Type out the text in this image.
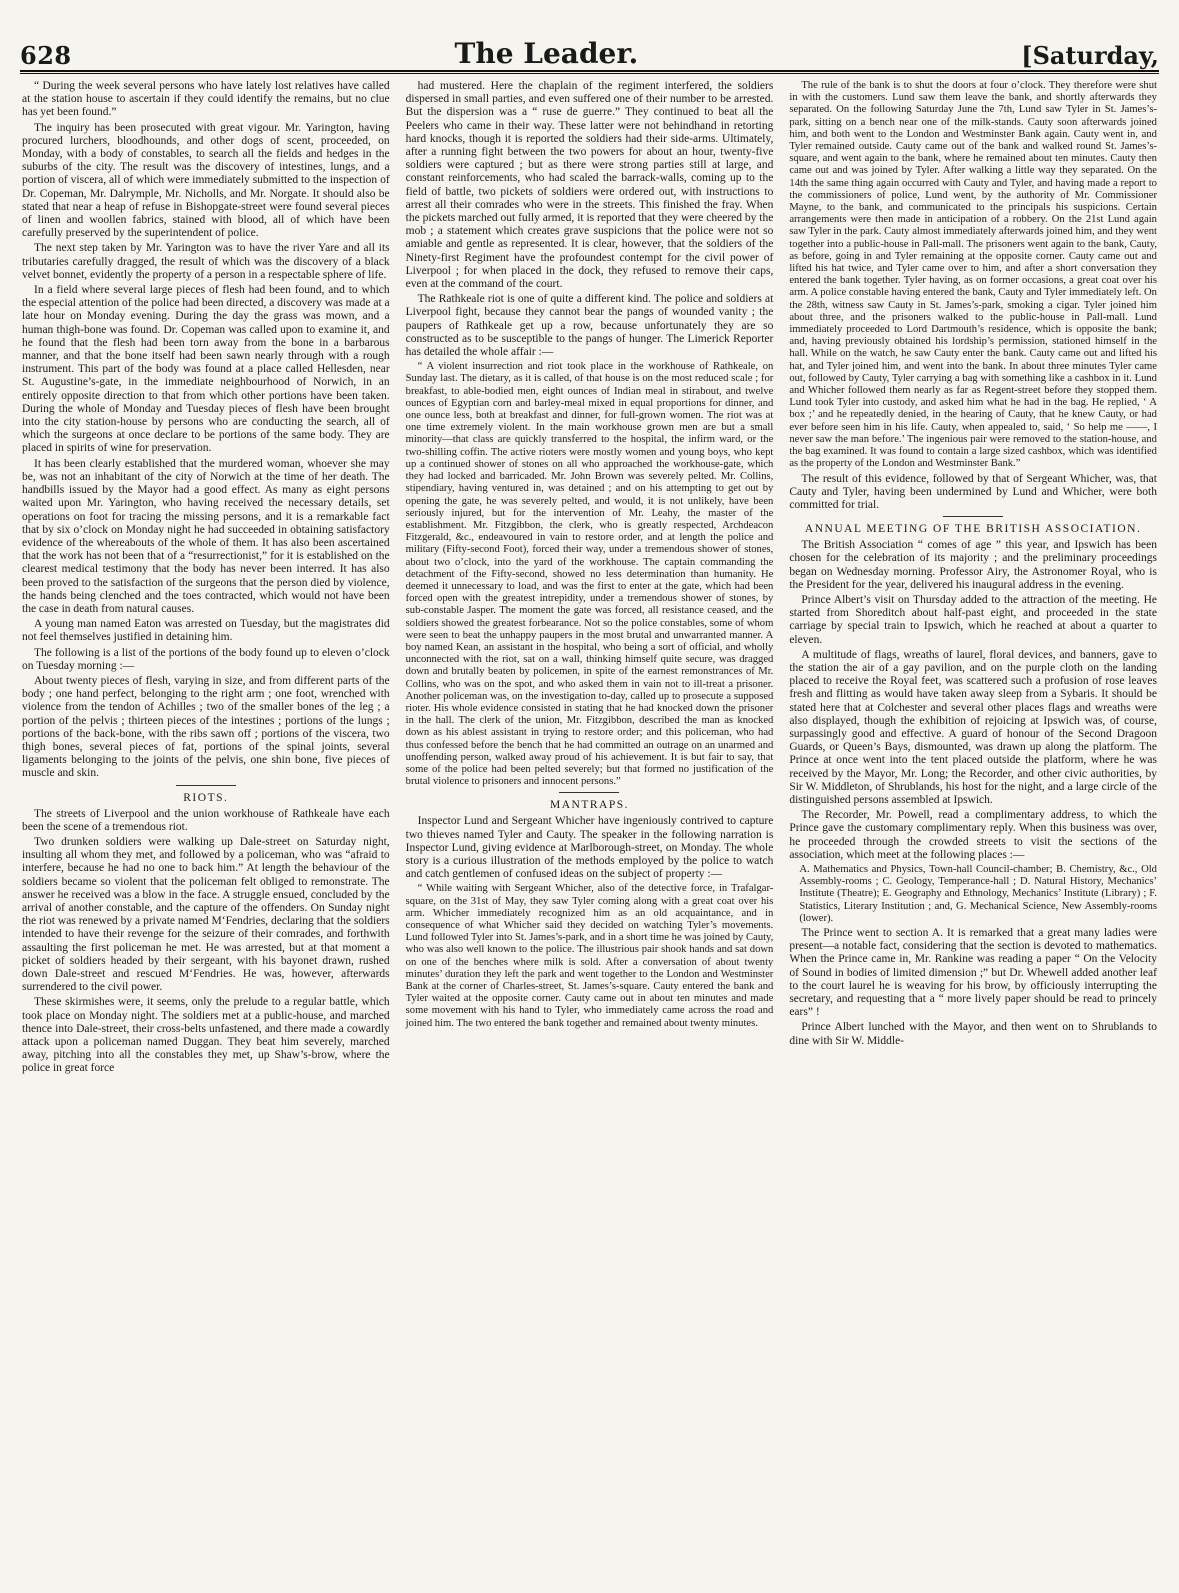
628	The Leader.	[Saturday,

“ During the week several persons who have lately lost relatives have called at the station house to ascertain if they could identify the remains, but no clue has yet been found.”

The inquiry has been prosecuted with great vigour. Mr. Yarington, having procured lurchers, bloodhounds, and other dogs of scent, proceeded, on Monday, with a body of constables, to search all the fields and hedges in the suburbs of the city. The result was the discovery of intestines, lungs, and a portion of viscera, all of which were immediately submitted to the inspection of Dr. Copeman, Mr. Dalrymple, Mr. Nicholls, and Mr. Norgate. It should also be stated that near a heap of refuse in Bishopgate-street were found several pieces of linen and woollen fabrics, stained with blood, all of which have been carefully preserved by the superintendent of police.

The next step taken by Mr. Yarington was to have the river Yare and all its tributaries carefully dragged, the result of which was the discovery of a black velvet bonnet, evidently the property of a person in a respectable sphere of life.

In a field where several large pieces of flesh had been found, and to which the especial attention of the police had been directed, a discovery was made at a late hour on Monday evening. During the day the grass was mown, and a human thigh-bone was found. Dr. Copeman was called upon to examine it, and he found that the flesh had been torn away from the bone in a barbarous manner, and that the bone itself had been sawn nearly through with a rough instrument. This part of the body was found at a place called Hellesden, near St. Augustine’s-gate, in the immediate neighbourhood of Norwich, in an entirely opposite direction to that from which other portions have been taken. During the whole of Monday and Tuesday pieces of flesh have been brought into the city station-house by persons who are conducting the search, all of which the surgeons at once declare to be portions of the same body. They are placed in spirits of wine for preservation.

It has been clearly established that the murdered woman, whoever she may be, was not an inhabitant of the city of Norwich at the time of her death. The handbills issued by the Mayor had a good effect. As many as eight persons waited upon Mr. Yarington, who having received the necessary details, set operations on foot for tracing the missing persons, and it is a remarkable fact that by six o’clock on Monday night he had succeeded in obtaining satisfactory evidence of the whereabouts of the whole of them. It has also been ascertained that the work has not been that of a “resurrectionist,” for it is established on the clearest medical testimony that the body has never been interred. It has also been proved to the satisfaction of the surgeons that the person died by violence, the hands being clenched and the toes contracted, which would not have been the case in death from natural causes.

A young man named Eaton was arrested on Tuesday, but the magistrates did not feel themselves justified in detaining him.

The following is a list of the portions of the body found up to eleven o’clock on Tuesday morning :—

About twenty pieces of flesh, varying in size, and from different parts of the body ; one hand perfect, belonging to the right arm ; one foot, wrenched with violence from the tendon of Achilles ; two of the smaller bones of the leg ; a portion of the pelvis ; thirteen pieces of the intestines ; portions of the lungs ; portions of the back-bone, with the ribs sawn off ; portions of the viscera, two thigh bones, several pieces of fat, portions of the spinal joints, several ligaments belonging to the joints of the pelvis, one shin bone, five pieces of muscle and skin.

RIOTS.

The streets of Liverpool and the union workhouse of Rathkeale have each been the scene of a tremendous riot.

Two drunken soldiers were walking up Dale-street on Saturday night, insulting all whom they met, and followed by a policeman, who was “afraid to interfere, because he had no one to back him.” At length the behaviour of the soldiers became so violent that the policeman felt obliged to remonstrate. The answer he received was a blow in the face. A struggle ensued, concluded by the arrival of another constable, and the capture of the offenders. On Sunday night the riot was renewed by a private named M‘Fendries, declaring that the soldiers intended to have their revenge for the seizure of their comrades, and forthwith assaulting the first policeman he met. He was arrested, but at that moment a picket of soldiers headed by their sergeant, with his bayonet drawn, rushed down Dale-street and rescued M‘Fendries. He was, however, afterwards surrendered to the civil power.

These skirmishes were, it seems, only the prelude to a regular battle, which took place on Monday night. The soldiers met at a public-house, and marched thence into Dale-street, their cross-belts unfastened, and there made a cowardly attack upon a policeman named Duggan. They beat him severely, marched away, pitching into all the constables they met, up Shaw’s-brow, where the police in great force

had mustered. Here the chaplain of the regiment interfered, the soldiers dispersed in small parties, and even suffered one of their number to be arrested. But the dispersion was a “ ruse de guerre.” They continued to beat all the Peelers who came in their way. These latter were not behindhand in retorting hard knocks, though it is reported the soldiers had their side-arms. Ultimately, after a running fight between the two powers for about an hour, twenty-five soldiers were captured ; but as there were strong parties still at large, and constant reinforcements, who had scaled the barrack-walls, coming up to the field of battle, two pickets of soldiers were ordered out, with instructions to arrest all their comrades who were in the streets. This finished the fray. When the pickets marched out fully armed, it is reported that they were cheered by the mob ; a statement which creates grave suspicions that the police were not so amiable and gentle as represented. It is clear, however, that the soldiers of the Ninety-first Regiment have the profoundest contempt for the civil power of Liverpool ; for when placed in the dock, they refused to remove their caps, even at the command of the court.

The Rathkeale riot is one of quite a different kind. The police and soldiers at Liverpool fight, because they cannot bear the pangs of wounded vanity ; the paupers of Rathkeale get up a row, because unfortunately they are so constructed as to be susceptible to the pangs of hunger. The Limerick Reporter has detailed the whole affair :—

“ A violent insurrection and riot took place in the workhouse of Rathkeale, on Sunday last. The dietary, as it is called, of that house is on the most reduced scale ; for breakfast, to able-bodied men, eight ounces of Indian meal in stirabout, and twelve ounces of Egyptian corn and barley-meal mixed in equal proportions for dinner, and one ounce less, both at breakfast and dinner, for full-grown women. The riot was at one time extremely violent. In the main workhouse grown men are but a small minority—that class are quickly transferred to the hospital, the infirm ward, or the two-shilling coffin. The active rioters were mostly women and young boys, who kept up a continued shower of stones on all who approached the workhouse-gate, which they had locked and barricaded. Mr. John Brown was severely pelted. Mr. Collins, stipendiary, having ventured in, was detained ; and on his attempting to get out by opening the gate, he was severely pelted, and would, it is not unlikely, have been seriously injured, but for the intervention of Mr. Leahy, the master of the establishment. Mr. Fitzgibbon, the clerk, who is greatly respected, Archdeacon Fitzgerald, &c., endeavoured in vain to restore order, and at length the police and military (Fifty-second Foot), forced their way, under a tremendous shower of stones, about two o’clock, into the yard of the workhouse. The captain commanding the detachment of the Fifty-second, showed no less determination than humanity. He deemed it unnecessary to load, and was the first to enter at the gate, which had been forced open with the greatest intrepidity, under a tremendous shower of stones, by sub-constable Jasper. The moment the gate was forced, all resistance ceased, and the soldiers showed the greatest forbearance. Not so the police constables, some of whom were seen to beat the unhappy paupers in the most brutal and unwarranted manner. A boy named Kean, an assistant in the hospital, who being a sort of official, and wholly unconnected with the riot, sat on a wall, thinking himself quite secure, was dragged down and brutally beaten by policemen, in spite of the earnest remonstrances of Mr. Collins, who was on the spot, and who asked them in vain not to ill-treat a prisoner. Another policeman was, on the investigation to-day, called up to prosecute a supposed rioter. His whole evidence consisted in stating that he had knocked down the prisoner in the hall. The clerk of the union, Mr. Fitzgibbon, described the man as knocked down as his ablest assistant in trying to restore order; and this policeman, who had thus confessed before the bench that he had committed an outrage on an unarmed and unoffending person, walked away proud of his achievement. It is but fair to say, that some of the police had been pelted severely; but that formed no justification of the brutal violence to prisoners and innocent persons.”

MANTRAPS.

Inspector Lund and Sergeant Whicher have ingeniously contrived to capture two thieves named Tyler and Cauty. The speaker in the following narration is Inspector Lund, giving evidence at Marlborough-street, on Monday. The whole story is a curious illustration of the methods employed by the police to watch and catch gentlemen of confused ideas on the subject of property :—

“ While waiting with Sergeant Whicher, also of the detective force, in Trafalgar-square, on the 31st of May, they saw Tyler coming along with a great coat over his arm. Whicher immediately recognized him as an old acquaintance, and in consequence of what Whicher said they decided on watching Tyler’s movements. Lund followed Tyler into St. James’s-park, and in a short time he was joined by Cauty, who was also well known to the police. The illustrious pair shook hands and sat down on one of the benches where milk is sold. After a conversation of about twenty minutes’ duration they left the park and went together to the London and Westminster Bank at the corner of Charles-street, St. James’s-square. Cauty entered the bank and Tyler waited at the opposite corner. Cauty came out in about ten minutes and made some movement with his hand to Tyler, who immediately came across the road and joined him. The two entered the bank together and remained about twenty minutes.

The rule of the bank is to shut the doors at four o’clock. They therefore were shut in with the customers. Lund saw them leave the bank, and shortly afterwards they separated. On the following Saturday June the 7th, Lund saw Tyler in St. James’s-park, sitting on a bench near one of the milk-stands. Cauty soon afterwards joined him, and both went to the London and Westminster Bank again. Cauty went in, and Tyler remained outside. Cauty came out of the bank and walked round St. James’s-square, and went again to the bank, where he remained about ten minutes. Cauty then came out and was joined by Tyler. After walking a little way they separated. On the 14th the same thing again occurred with Cauty and Tyler, and having made a report to the commissioners of police, Lund went, by the authority of Mr. Commissioner Mayne, to the bank, and communicated to the principals his suspicions. Certain arrangements were then made in anticipation of a robbery. On the 21st Lund again saw Tyler in the park. Cauty almost immediately afterwards joined him, and they went together into a public-house in Pall-mall. The prisoners went again to the bank, Cauty, as before, going in and Tyler remaining at the opposite corner. Cauty came out and lifted his hat twice, and Tyler came over to him, and after a short conversation they entered the bank together. Tyler having, as on former occasions, a great coat over his arm. A police constable having entered the bank, Cauty and Tyler immediately left. On the 28th, witness saw Cauty in St. James’s-park, smoking a cigar. Tyler joined him about three, and the prisoners walked to the public-house in Pall-mall. Lund immediately proceeded to Lord Dartmouth’s residence, which is opposite the bank; and, having previously obtained his lordship’s permission, stationed himself in the hall. While on the watch, he saw Cauty enter the bank. Cauty came out and lifted his hat, and Tyler joined him, and went into the bank. In about three minutes Tyler came out, followed by Cauty, Tyler carrying a bag with something like a cashbox in it. Lund and Whicher followed them nearly as far as Regent-street before they stopped them. Lund took Tyler into custody, and asked him what he had in the bag. He replied, ‘ A box ;’ and he repeatedly denied, in the hearing of Cauty, that he knew Cauty, or had ever before seen him in his life. Cauty, when appealed to, said, ‘ So help me ——, I never saw the man before.’ The ingenious pair were removed to the station-house, and the bag examined. It was found to contain a large sized cashbox, which was identified as the property of the London and Westminster Bank.”

The result of this evidence, followed by that of Sergeant Whicher, was, that Cauty and Tyler, having been undermined by Lund and Whicher, were both committed for trial.

ANNUAL MEETING OF THE BRITISH ASSOCIATION.

The British Association “ comes of age ” this year, and Ipswich has been chosen for the celebration of its majority ; and the preliminary proceedings began on Wednesday morning. Professor Airy, the Astronomer Royal, who is the President for the year, delivered his inaugural address in the evening.

Prince Albert’s visit on Thursday added to the attraction of the meeting. He started from Shoreditch about half-past eight, and proceeded in the state carriage by special train to Ipswich, which he reached at about a quarter to eleven.

A multitude of flags, wreaths of laurel, floral devices, and banners, gave to the station the air of a gay pavilion, and on the purple cloth on the landing placed to receive the Royal feet, was scattered such a profusion of rose leaves fresh and flitting as would have taken away sleep from a Sybaris. It should be stated here that at Colchester and several other places flags and wreaths were also displayed, though the exhibition of rejoicing at Ipswich was, of course, surpassingly good and effective. A guard of honour of the Second Dragoon Guards, or Queen’s Bays, dismounted, was drawn up along the platform. The Prince at once went into the tent placed outside the platform, where he was received by the Mayor, Mr. Long; the Recorder, and other civic authorities, by Sir W. Middleton, of Shrublands, his host for the night, and a large circle of the distinguished persons assembled at Ipswich.

The Recorder, Mr. Powell, read a complimentary address, to which the Prince gave the customary complimentary reply. When this business was over, he proceeded through the crowded streets to visit the sections of the association, which meet at the following places :—

A. Mathematics and Physics, Town-hall Council-chamber; B. Chemistry, &c., Old Assembly-rooms ; C. Geology, Temperance-hall ; D. Natural History, Mechanics’ Institute (Theatre); E. Geography and Ethnology, Mechanics’ Institute (Library) ; F. Statistics, Literary Institution ; and, G. Mechanical Science, New Assembly-rooms (lower).

The Prince went to section A. It is remarked that a great many ladies were present—a notable fact, considering that the section is devoted to mathematics. When the Prince came in, Mr. Rankine was reading a paper “ On the Velocity of Sound in bodies of limited dimension ;” but Dr. Whewell added another leaf to the court laurel he is weaving for his brow, by officiously interrupting the secretary, and requesting that a “ more lively paper should be read to princely ears” !

Prince Albert lunched with the Mayor, and then went on to Shrublands to dine with Sir W. Middle-
